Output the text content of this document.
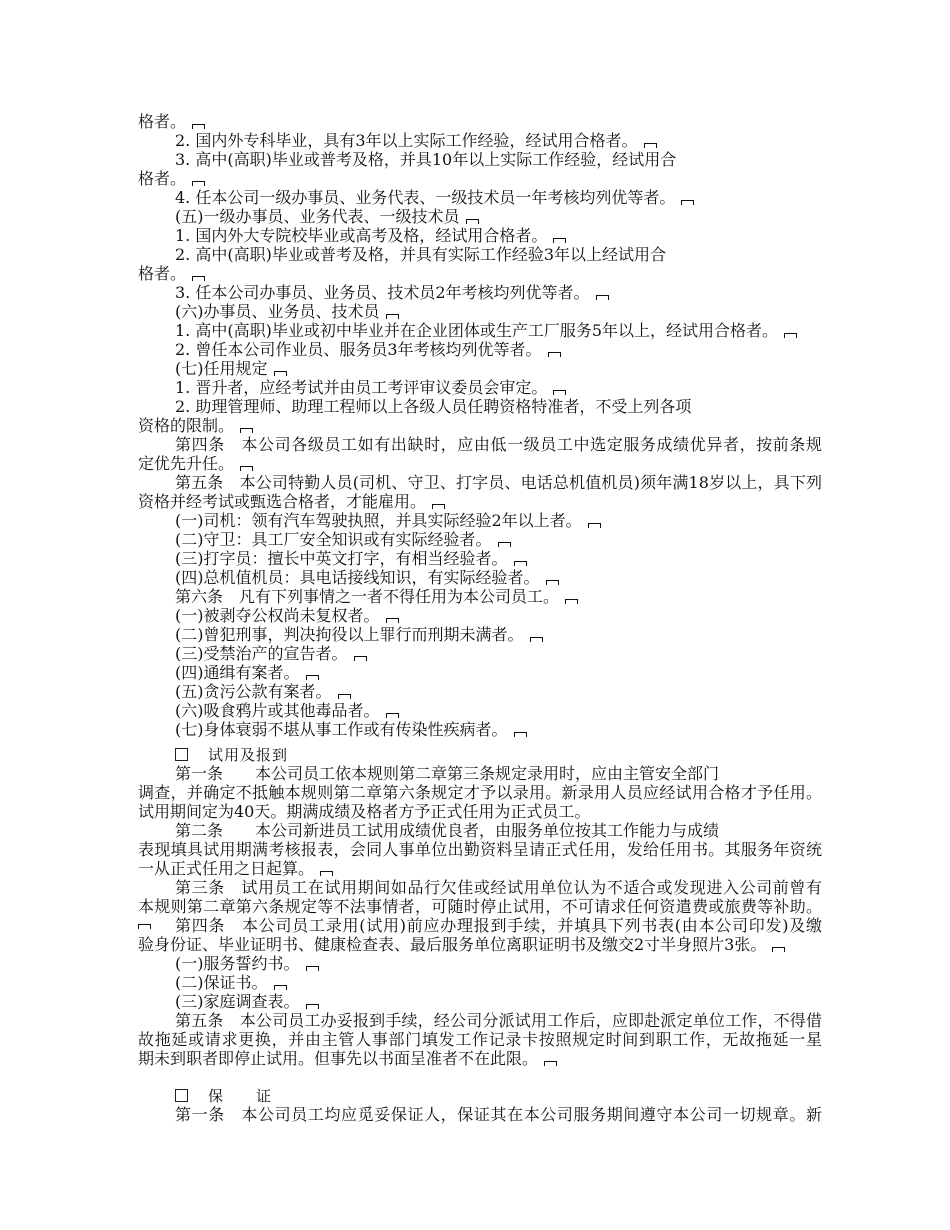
格者。
2. 国内外专科毕业，具有3年以上实际工作经验，经试用合格者。
3. 高中(高职)毕业或普考及格，并具10年以上实际工作经验，经试用合
格者。
4. 任本公司一级办事员、业务代表、一级技术员一年考核均列优等者。
(五)一级办事员、业务代表、一级技术员
1. 国内外大专院校毕业或高考及格，经试用合格者。
2. 高中(高职)毕业或普考及格，并具有实际工作经验3年以上经试用合
格者。
3. 任本公司办事员、业务员、技术员2年考核均列优等者。
(六)办事员、业务员、技术员
1. 高中(高职)毕业或初中毕业并在企业团体或生产工厂服务5年以上，经试用合格者。
2. 曾任本公司作业员、服务员3年考核均列优等者。
(七)任用规定
1. 晋升者，应经考试并由员工考评审议委员会审定。
2. 助理管理师、助理工程师以上各级人员任聘资格特准者，不受上列各项
资格的限制。
第四条　本公司各级员工如有出缺时，应由低一级员工中选定服务成绩优异者，按前条规
定优先升任。
第五条　本公司特勤人员(司机、守卫、打字员、电话总机值机员)须年满18岁以上，具下列
资格并经考试或甄选合格者，才能雇用。
(一)司机：领有汽车驾驶执照，并具实际经验2年以上者。
(二)守卫：具工厂安全知识或有实际经验者。
(三)打字员：擅长中英文打字，有相当经验者。
(四)总机值机员：具电话接线知识，有实际经验者。
第六条　凡有下列事情之一者不得任用为本公司员工。
(一)被剥夺公权尚未复权者。
(二)曾犯刑事，判决拘役以上罪行而刑期未满者。
(三)受禁治产的宣告者。
(四)通缉有案者。
(五)贪污公款有案者。
(六)吸食鸦片或其他毒品者。
(七)身体衰弱不堪从事工作或有传染性疾病者。
试用及报到
第一条　　本公司员工依本规则第二章第三条规定录用时，应由主管安全部门
调查，并确定不抵触本规则第二章第六条规定才予以录用。新录用人员应经试用合格才予任用。
试用期间定为40天。期满成绩及格者方予正式任用为正式员工。
第二条　　本公司新进员工试用成绩优良者，由服务单位按其工作能力与成绩
表现填具试用期满考核报表，会同人事单位出勤资料呈请正式任用，发给任用书。其服务年资统
一从正式任用之日起算。
第三条　试用员工在试用期间如品行欠佳或经试用单位认为不适合或发现进入公司前曾有
本规则第二章第六条规定等不法事情者，可随时停止试用，不可请求任何资遣费或旅费等补助。
第四条　本公司员工录用(试用)前应办理报到手续，并填具下列书表(由本公司印发)及缴
验身份证、毕业证明书、健康检查表、最后服务单位离职证明书及缴交2寸半身照片3张。
(一)服务誓约书。
(二)保证书。
(三)家庭调查表。
第五条　本公司员工办妥报到手续，经公司分派试用工作后，应即赴派定单位工作，不得借
故拖延或请求更换，并由主管人事部门填发工作记录卡按照规定时间到职工作，无故拖延一星
期未到职者即停止试用。但事先以书面呈准者不在此限。
保　　证
第一条　本公司员工均应觅妥保证人，保证其在本公司服务期间遵守本公司一切规章。新
